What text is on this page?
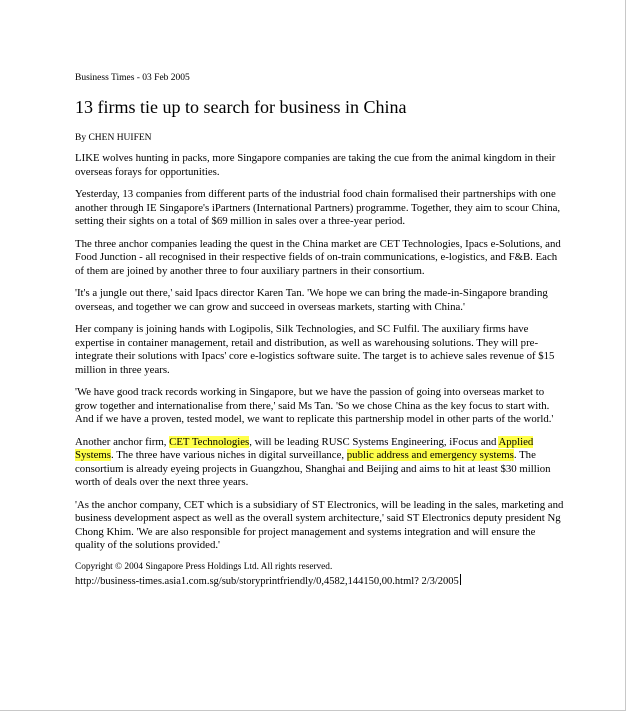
Business Times - 03 Feb 2005

13 firms tie up to search for business in China

By CHEN HUIFEN

LIKE wolves hunting in packs, more Singapore companies are taking the cue from the animal kingdom in their overseas forays for opportunities.

Yesterday, 13 companies from different parts of the industrial food chain formalised their partnerships with one another through IE Singapore's iPartners (International Partners) programme. Together, they aim to scour China, setting their sights on a total of $69 million in sales over a three-year period.

The three anchor companies leading the quest in the China market are CET Technologies, Ipacs e-Solutions, and Food Junction - all recognised in their respective fields of on-train communications, e-logistics, and F&B. Each of them are joined by another three to four auxiliary partners in their consortium.

'It's a jungle out there,' said Ipacs director Karen Tan. 'We hope we can bring the made-in-Singapore branding overseas, and together we can grow and succeed in overseas markets, starting with China.'

Her company is joining hands with Logipolis, Silk Technologies, and SC Fulfil. The auxiliary firms have expertise in container management, retail and distribution, as well as warehousing solutions. They will pre-integrate their solutions with Ipacs' core e-logistics software suite. The target is to achieve sales revenue of $15 million in three years.

'We have good track records working in Singapore, but we have the passion of going into overseas market to grow together and internationalise from there,' said Ms Tan. 'So we chose China as the key focus to start with. And if we have a proven, tested model, we want to replicate this partnership model in other parts of the world.'

Another anchor firm, CET Technologies, will be leading RUSC Systems Engineering, iFocus and Applied Systems. The three have various niches in digital surveillance, public address and emergency systems. The consortium is already eyeing projects in Guangzhou, Shanghai and Beijing and aims to hit at least $30 million worth of deals over the next three years.

'As the anchor company, CET which is a subsidiary of ST Electronics, will be leading in the sales, marketing and business development aspect as well as the overall system architecture,' said ST Electronics deputy president Ng Chong Khim. 'We are also responsible for project management and systems integration and will ensure the quality of the solutions provided.'

Copyright © 2004 Singapore Press Holdings Ltd. All rights reserved.

http://business-times.asia1.com.sg/sub/storyprintfriendly/0,4582,144150,00.html? 2/3/2005
